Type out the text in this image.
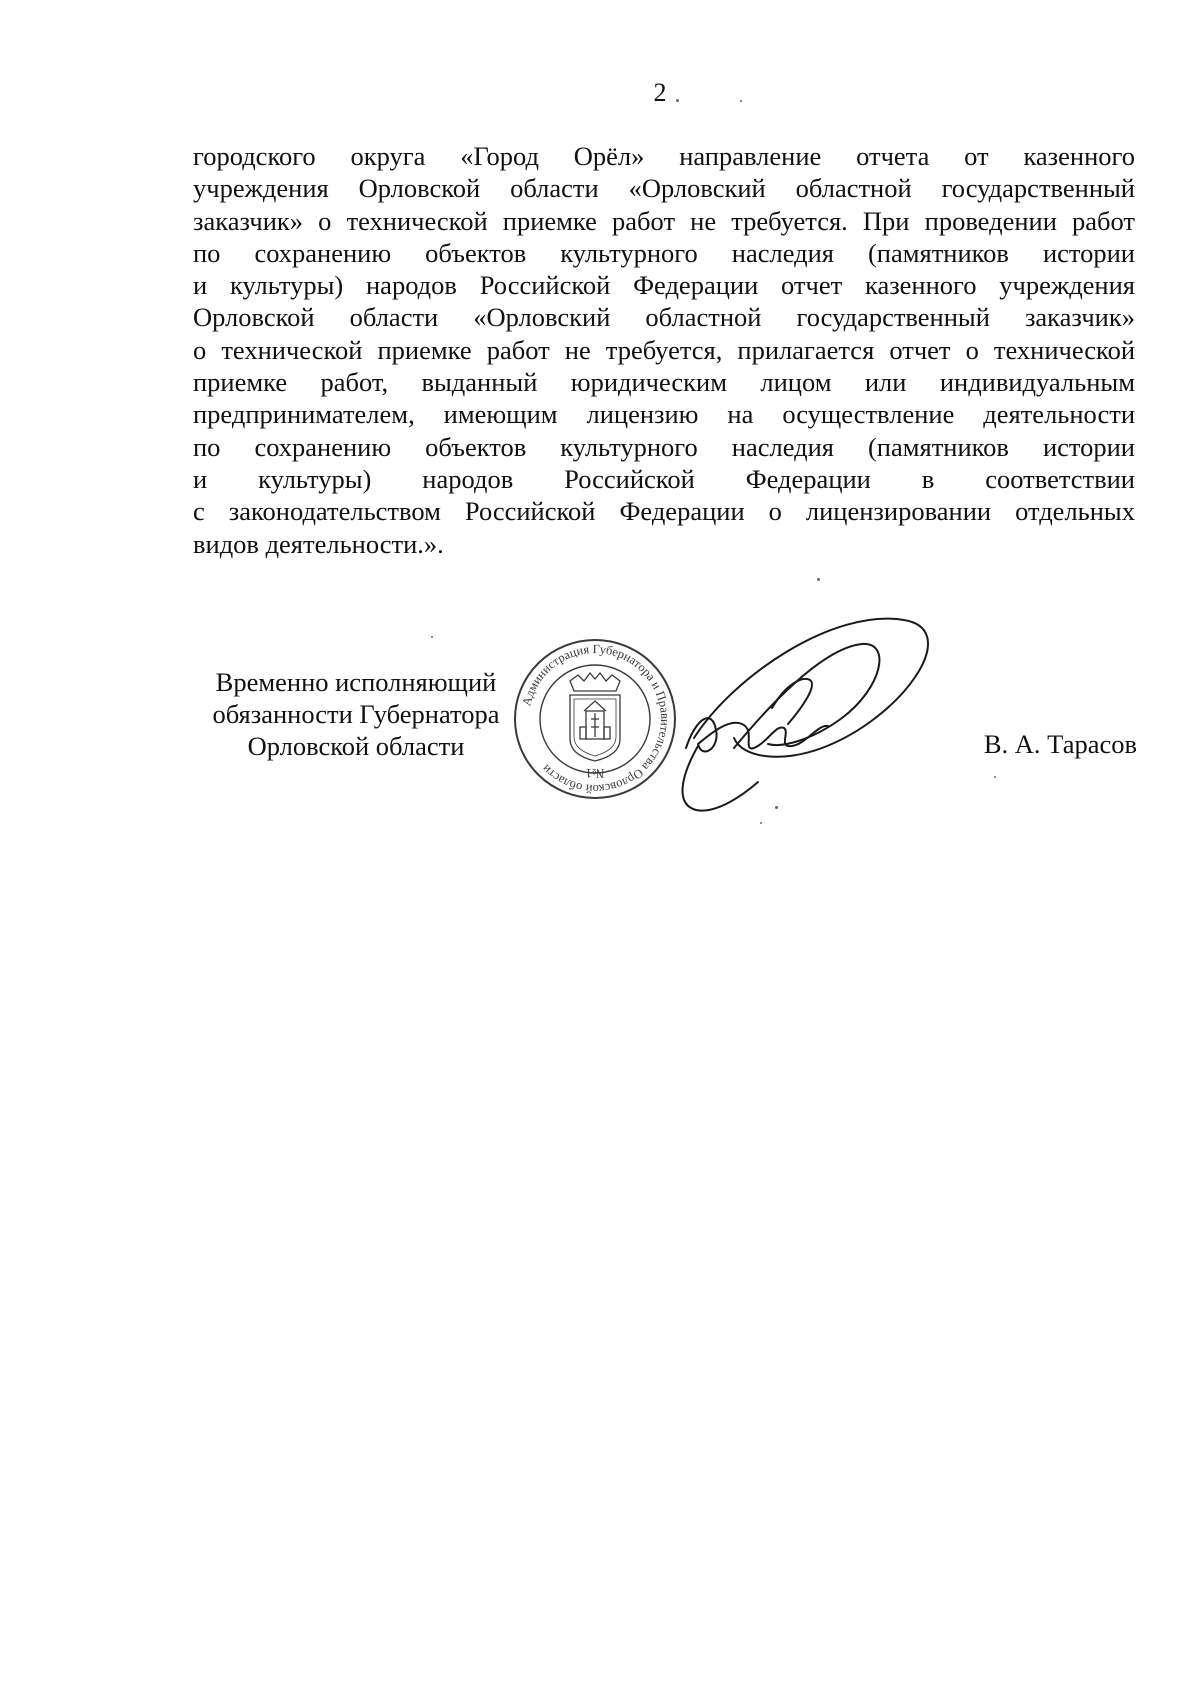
2
городского округа «Город Орёл» направление отчета от казенного
учреждения Орловской области «Орловский областной государственный
заказчик» о технической приемке работ не требуется. При проведении работ
по сохранению объектов культурного наследия (памятников истории
и культуры) народов Российской Федерации отчет казенного учреждения
Орловской области «Орловский областной государственный заказчик»
о технической приемке работ не требуется, прилагается отчет о технической
приемке работ, выданный юридическим лицом или индивидуальным
предпринимателем, имеющим лицензию на осуществление деятельности
по сохранению объектов культурного наследия (памятников истории
и культуры) народов Российской Федерации в соответствии
с законодательством Российской Федерации о лицензировании отдельных
видов деятельности.».
Временно исполняющий
обязанности Губернатора
Орловской области
Администрация Губернатора и Правительства Орловской области	№1
В. А. Тарасов
